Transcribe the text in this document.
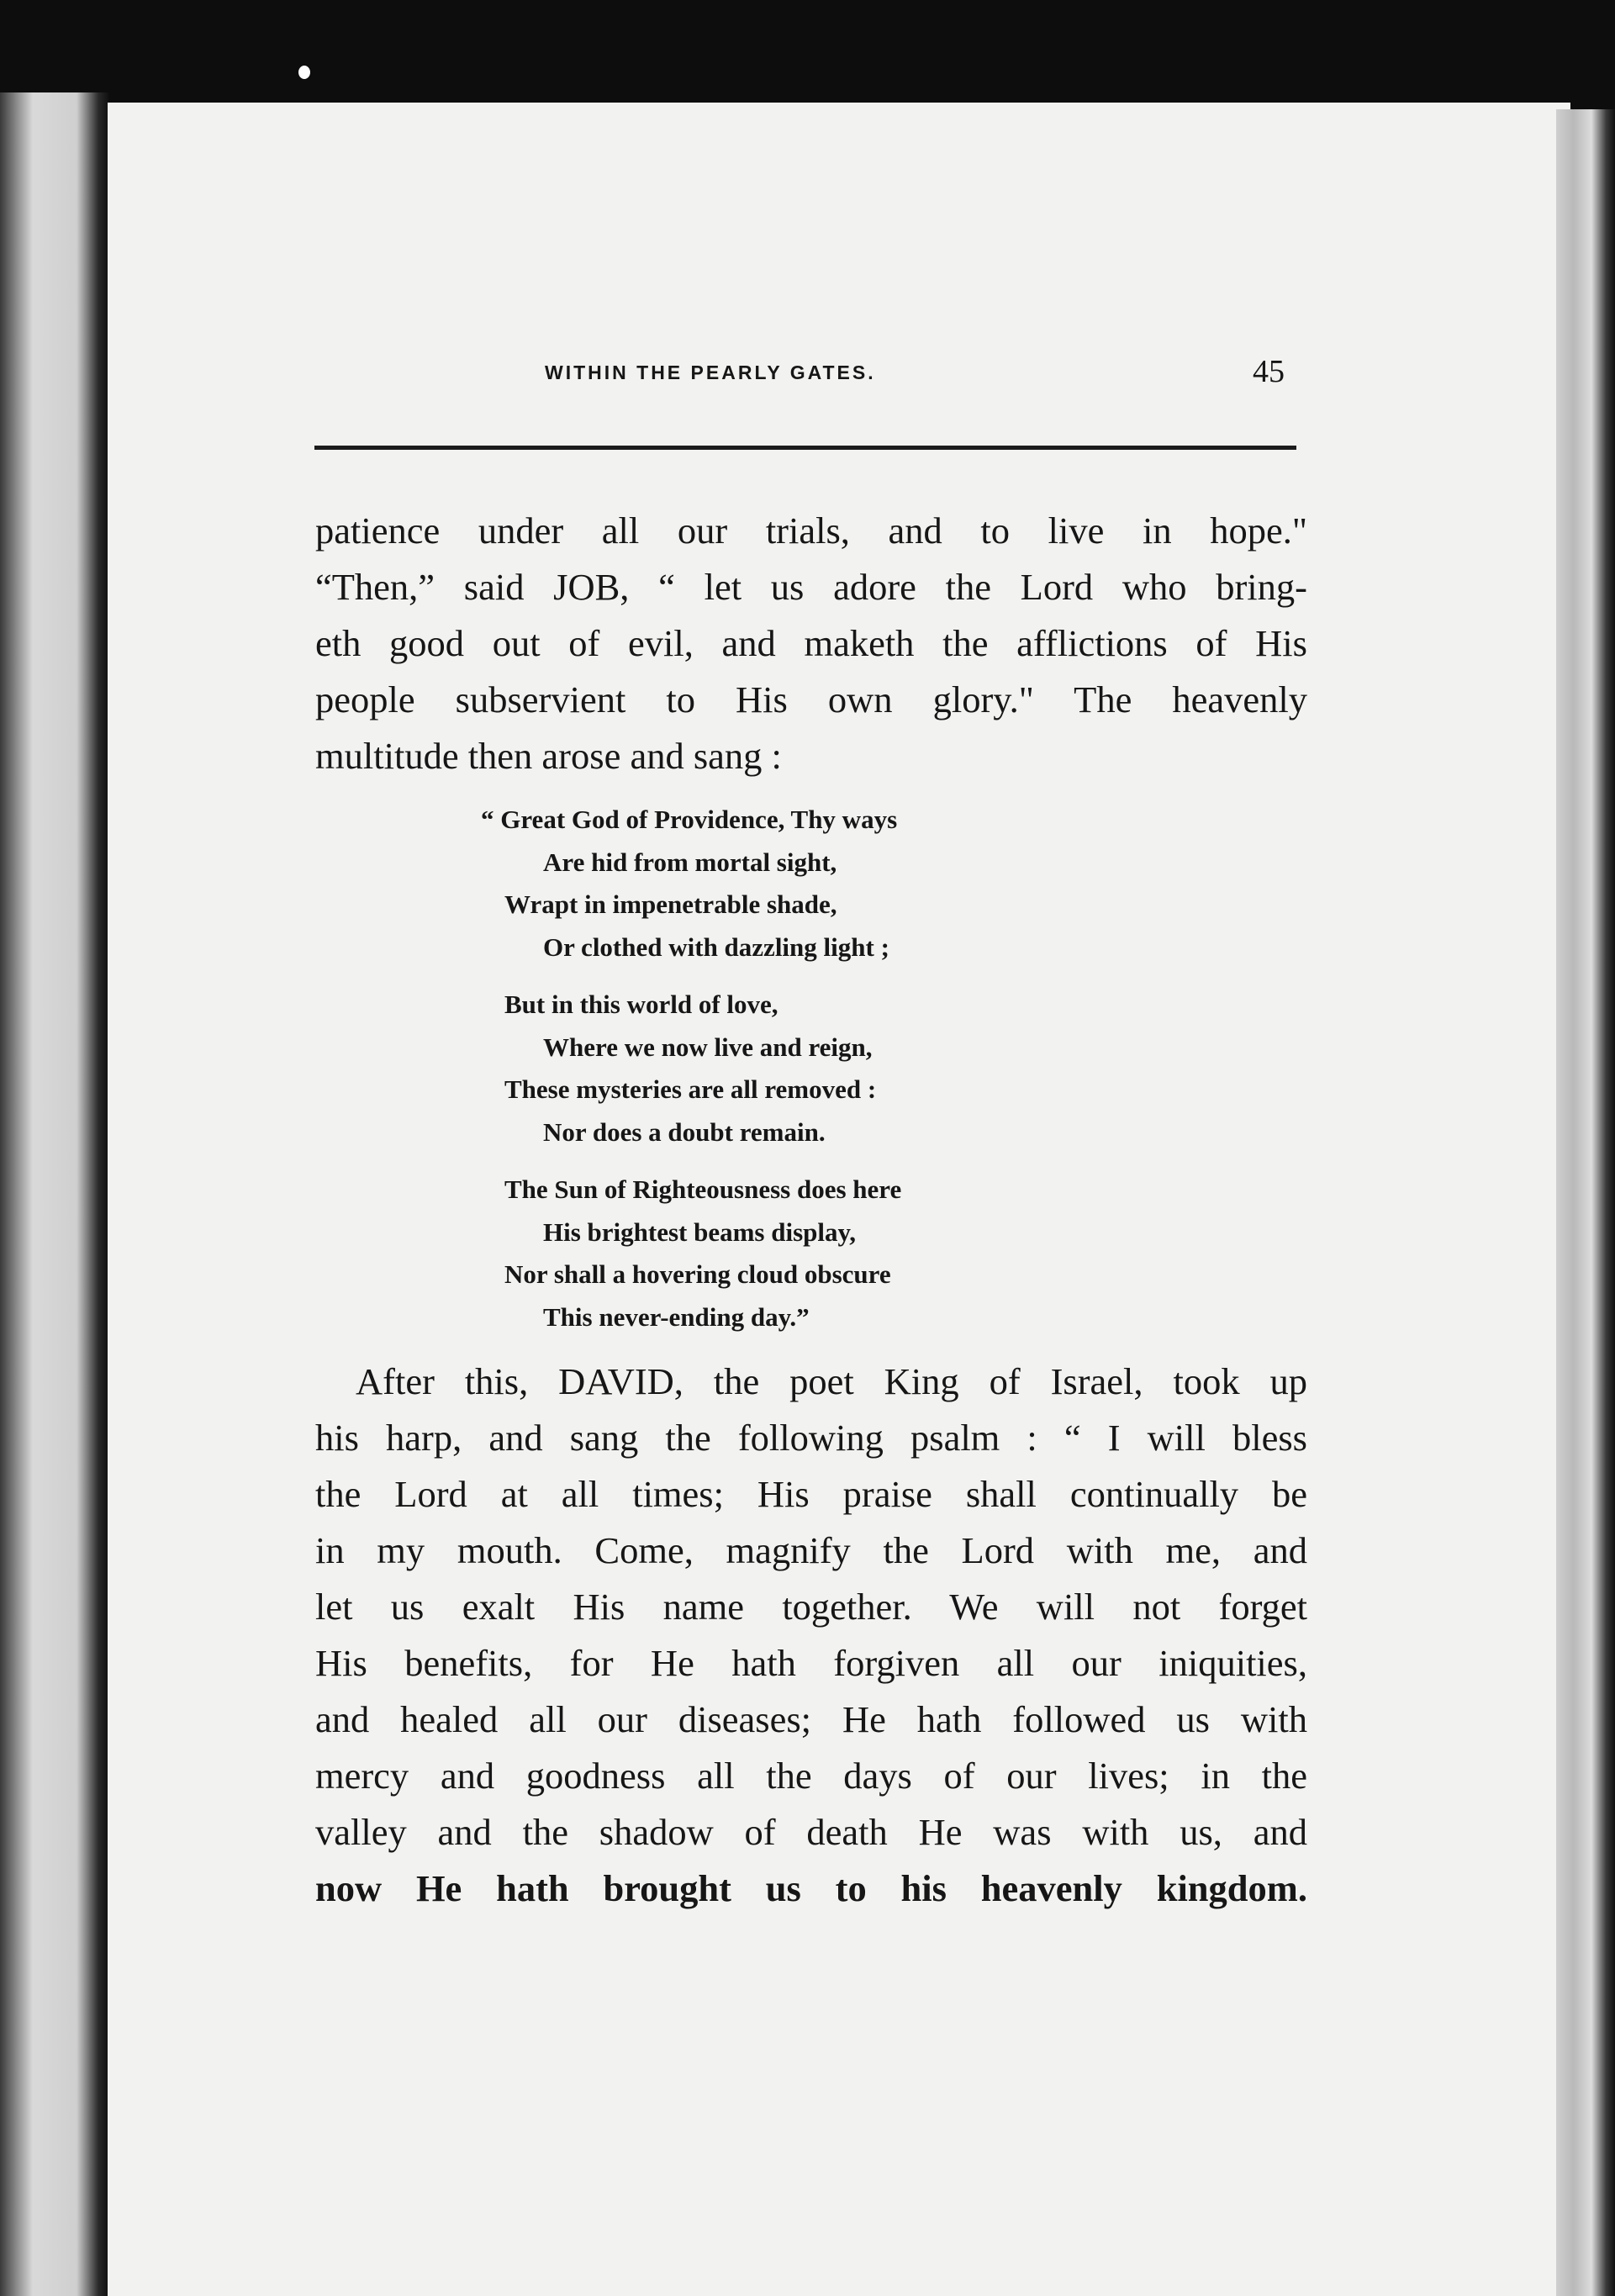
WITHIN THE PEARLY GATES.	45
patience under all our trials, and to live in hope."
“Then,” said JOB, “ let us adore the Lord who bring-
eth good out of evil, and maketh the afflictions of His
people subservient to His own glory." The heavenly
multitude then arose and sang :
“ Great God of Providence, Thy ways
Are hid from mortal sight,
Wrapt in impenetrable shade,
Or clothed with dazzling light ;
But in this world of love,
Where we now live and reign,
These mysteries are all removed :
Nor does a doubt remain.
The Sun of Righteousness does here
His brightest beams display,
Nor shall a hovering cloud obscure
This never-ending day.”
After this, DAVID, the poet King of Israel, took up
his harp, and sang the following psalm : “ I will bless
the Lord at all times; His praise shall continually be
in my mouth. Come, magnify the Lord with me, and
let us exalt His name together. We will not forget
His benefits, for He hath forgiven all our iniquities,
and healed all our diseases; He hath followed us with
mercy and goodness all the days of our lives; in the
valley and the shadow of death He was with us, and
now He hath brought us to his heavenly kingdom.
